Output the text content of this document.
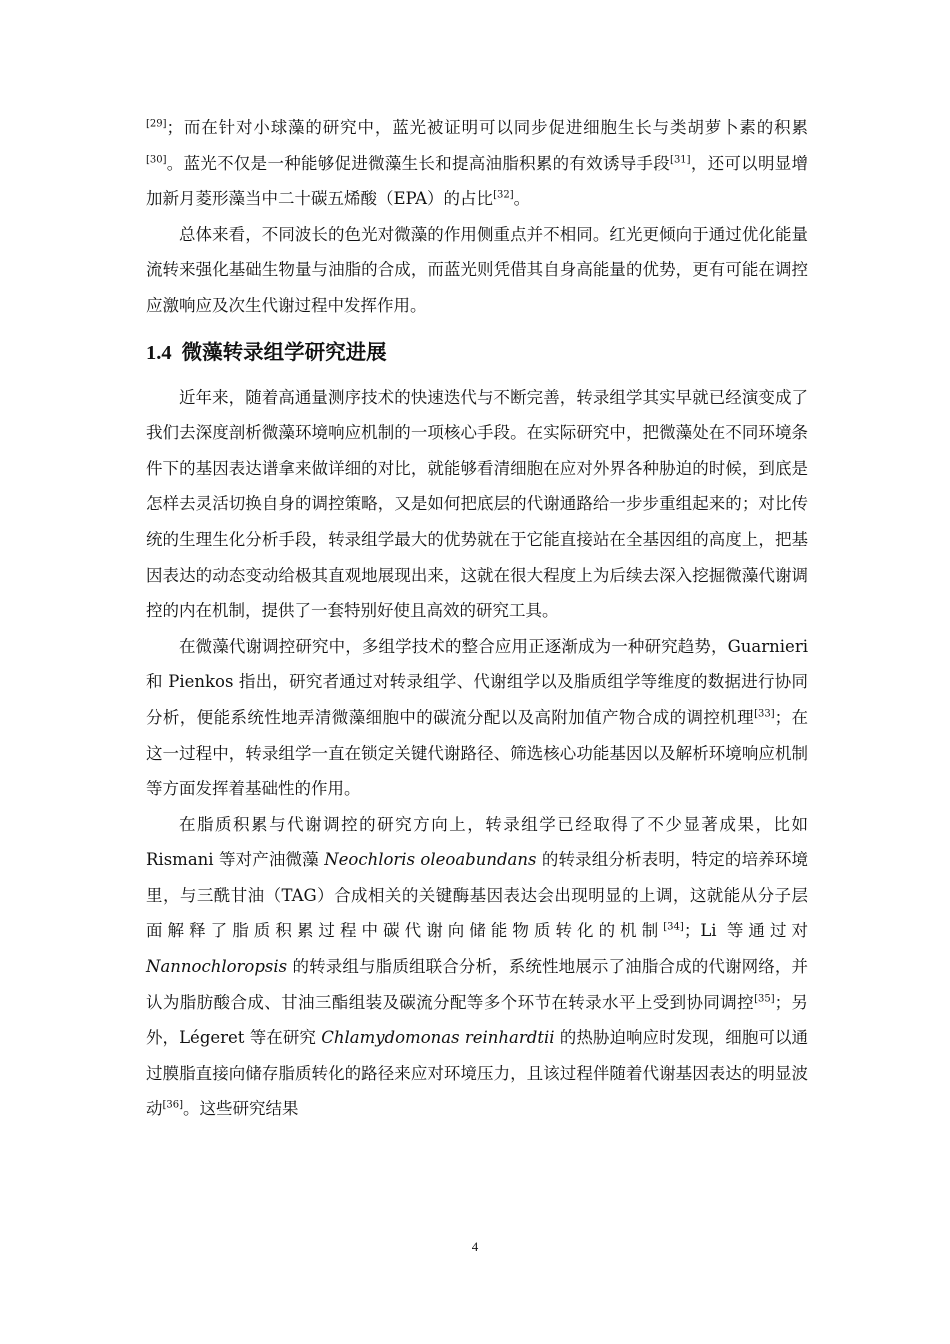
[29]；而在针对小球藻的研究中，蓝光被证明可以同步促进细胞生长与类胡萝卜素的积累[30]。蓝光不仅是一种能够促进微藻生长和提高油脂积累的有效诱导手段[31]，还可以明显增加新月菱形藻当中二十碳五烯酸（EPA）的占比[32]。

总体来看，不同波长的色光对微藻的作用侧重点并不相同。红光更倾向于通过优化能量流转来强化基础生物量与油脂的合成，而蓝光则凭借其自身高能量的优势，更有可能在调控应激响应及次生代谢过程中发挥作用。

1.4 微藻转录组学研究进展

近年来，随着高通量测序技术的快速迭代与不断完善，转录组学其实早就已经演变成了我们去深度剖析微藻环境响应机制的一项核心手段。在实际研究中，把微藻处在不同环境条件下的基因表达谱拿来做详细的对比，就能够看清细胞在应对外界各种胁迫的时候，到底是怎样去灵活切换自身的调控策略，又是如何把底层的代谢通路给一步步重组起来的；对比传统的生理生化分析手段，转录组学最大的优势就在于它能直接站在全基因组的高度上，把基因表达的动态变动给极其直观地展现出来，这就在很大程度上为后续去深入挖掘微藻代谢调控的内在机制，提供了一套特别好使且高效的研究工具。

在微藻代谢调控研究中，多组学技术的整合应用正逐渐成为一种研究趋势，Guarnieri 和 Pienkos 指出，研究者通过对转录组学、代谢组学以及脂质组学等维度的数据进行协同分析，便能系统性地弄清微藻细胞中的碳流分配以及高附加值产物合成的调控机理[33]；在这一过程中，转录组学一直在锁定关键代谢路径、筛选核心功能基因以及解析环境响应机制等方面发挥着基础性的作用。

在脂质积累与代谢调控的研究方向上，转录组学已经取得了不少显著成果，比如 Rismani 等对产油微藻 Neochloris oleoabundans 的转录组分析表明，特定的培养环境里，与三酰甘油（TAG）合成相关的关键酶基因表达会出现明显的上调，这就能从分子层面解释了脂质积累过程中碳代谢向储能物质转化的机制[34]；Li 等通过对 Nannochloropsis 的转录组与脂质组联合分析，系统性地展示了油脂合成的代谢网络，并认为脂肪酸合成、甘油三酯组装及碳流分配等多个环节在转录水平上受到协同调控[35]；另外，Légeret 等在研究 Chlamydomonas reinhardtii 的热胁迫响应时发现，细胞可以通过膜脂直接向储存脂质转化的路径来应对环境压力，且该过程伴随着代谢基因表达的明显波动[36]。这些研究结果

4
